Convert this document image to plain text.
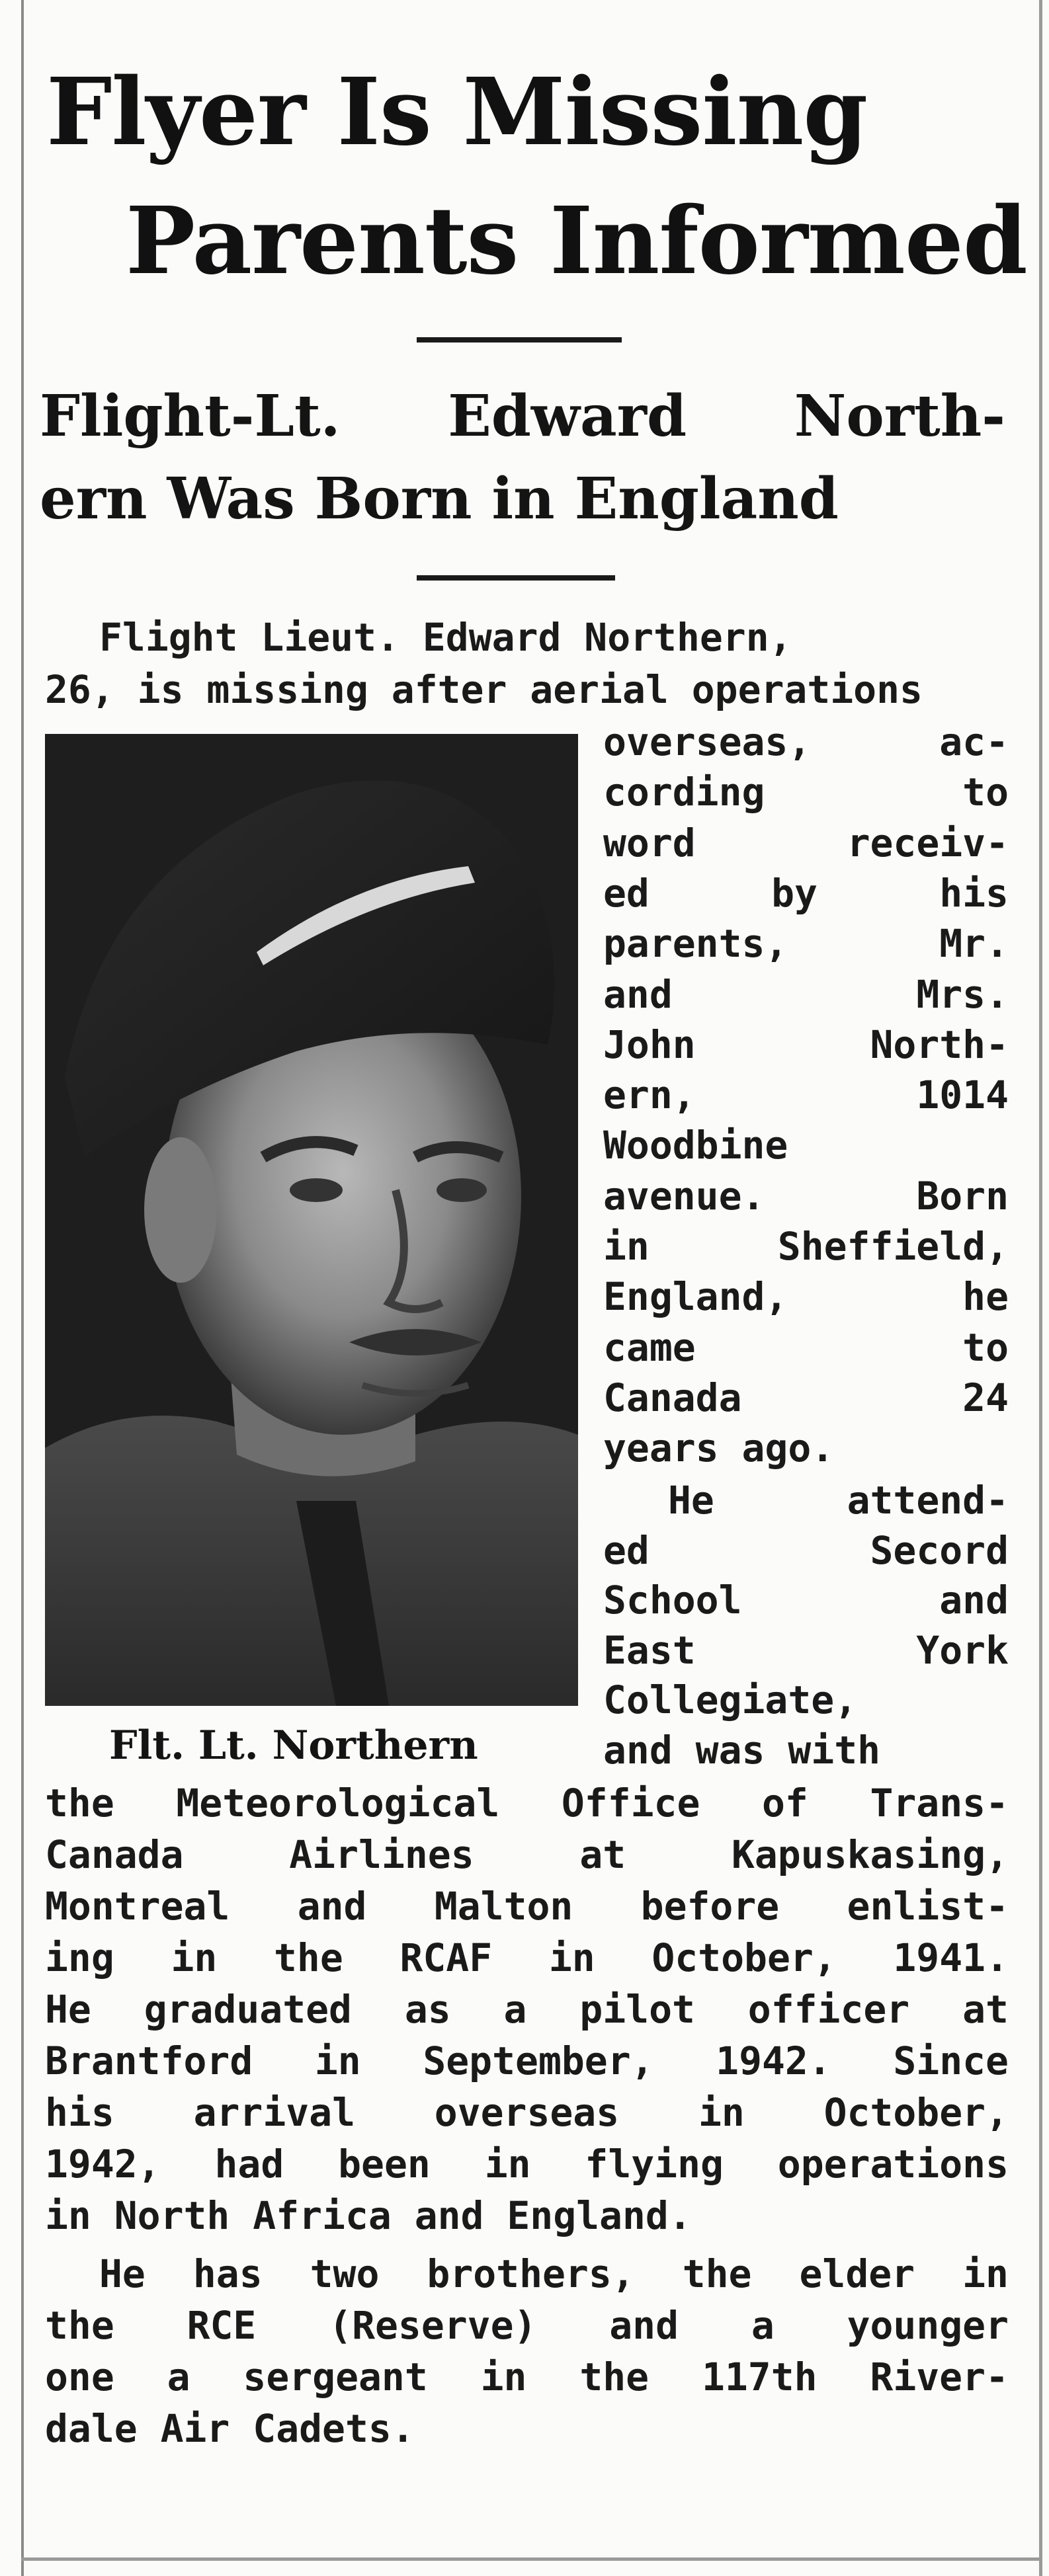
Flyer Is Missing
Parents Informed
Flight-Lt. Edward North-
ern Was Born in England
Flight Lieut. Edward Northern,
26, is missing after aerial operations
Flt. Lt. Northern
overseas,	ac-
cording	to
word	receiv-
ed	by	his
parents,	Mr.
and	Mrs.
John	North-
ern,	1014
Woodbine
avenue.	Born
in	Sheffield,
England,	he
came	to
Canada	24
years ago.
He	attend-
ed	Secord
School	and
East	York
Collegiate,
and was with
the Meteorological Office of Trans-
Canada	Airlines	at	Kapuskasing,
Montreal and Malton before enlist-
ing in the RCAF in October, 1941.
He graduated as a pilot officer at
Brantford in September, 1942. Since
his arrival overseas in October,
1942, had been in flying operations
in North Africa and England.
He has two brothers, the elder in
the RCE (Reserve) and a younger
one a sergeant in the 117th River-
dale Air Cadets.
